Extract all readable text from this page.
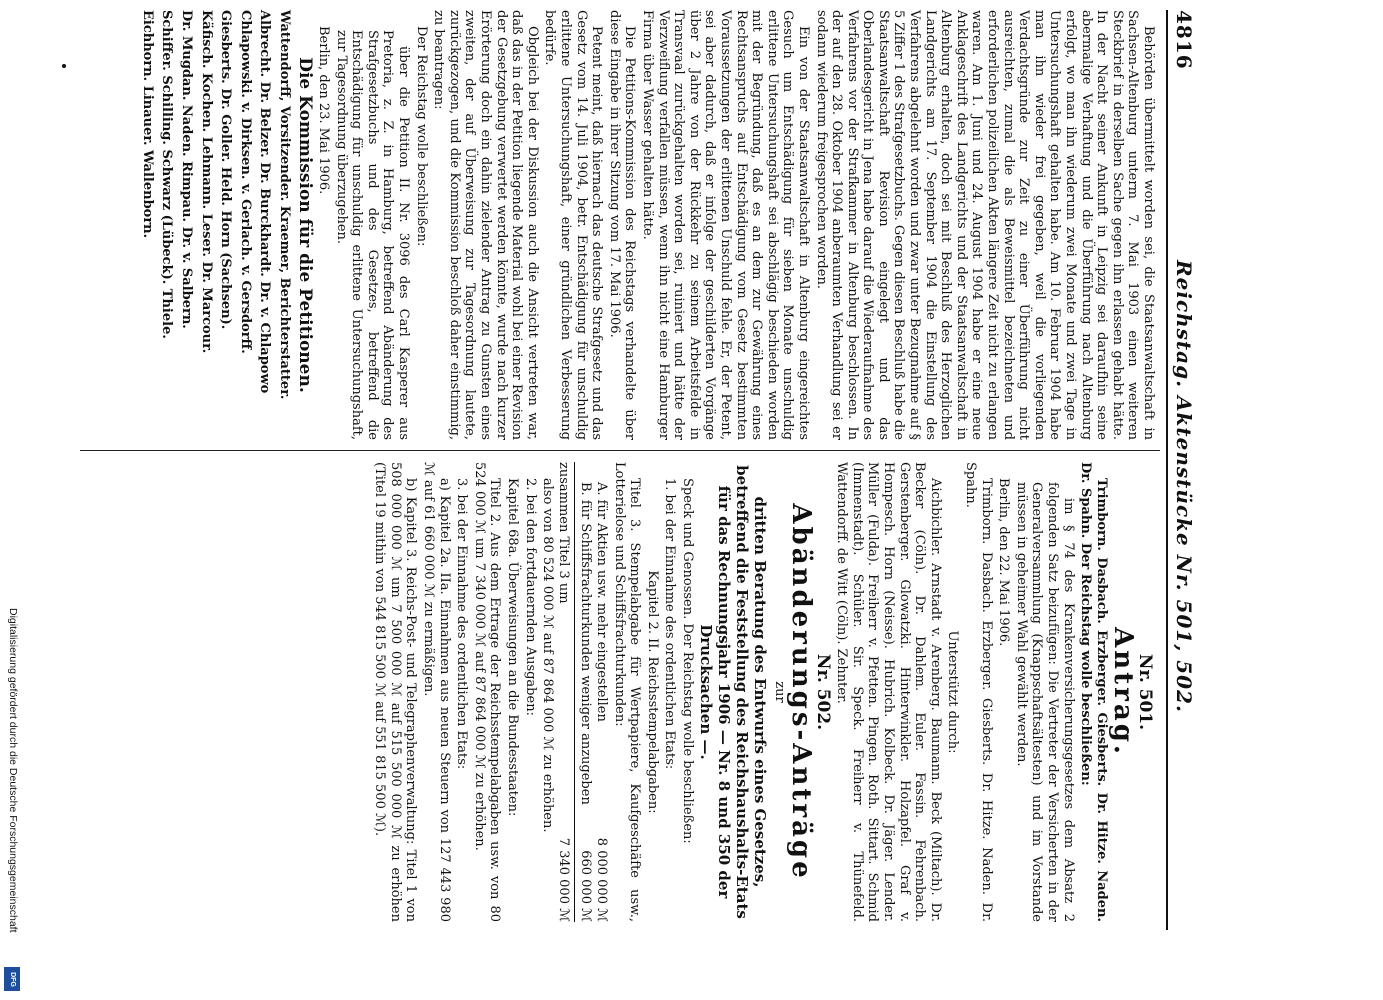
Digitalisierung gefördert durch die Deutsche Forschungsgemeinschaft
DFG
4816
Reichstag. Aktenstücke Nr. 501, 502.

Behörden übermittelt worden sei, die Staatsanwaltschaft in Sachsen-Altenburg unterm 7. Mai 1903 einen weiteren Steckbrief in derselben Sache gegen ihn erlassen gehabt hätte. In der Nacht seiner Ankunft in Leipzig sei daraufhin seine abermalige Verhaftung und die Überführung nach Altenburg erfolgt, wo man ihn wiederum zwei Monate und zwei Tage in Untersuchungshaft gehalten habe. Am 10. Februar 1904 habe man ihn wieder frei gegeben, weil die vorliegenden Verdachtsgründe zur Zeit zu einer Überführung nicht ausreichten, zumal die als Beweismittel bezeichneten und erforderlichen polizeilichen Akten längere Zeit nicht zu erlangen waren. Am 1. Juni und 24. August 1904 habe er eine neue Anklageschrift des Landgerichts und der Staatsanwaltschaft in Altenburg erhalten, doch sei mit Beschluß des Herzoglichen Landgerichts am 17. September 1904 die Einstellung des Verfahrens abgelehnt worden und zwar unter Bezugnahme auf § 5 Ziffer 1 des Strafgesetzbuchs. Gegen diesen Beschluß habe die Staatsanwaltschaft Revision eingelegt und das Oberlandesgericht in Jena habe darauf die Wiederaufnahme des Verfahrens vor der Strafkammer in Altenburg beschlossen. In der auf den 28. Oktober 1904 anberaumten Verhandlung sei er sodann wiederum freigesprochen worden.

Ein von der Staatsanwaltschaft in Altenburg eingereichtes Gesuch um Entschädigung für sieben Monate unschuldig erlittene Untersuchungshaft sei abschlägig beschieden worden mit der Begründung, daß es an dem zur Gewährung eines Rechtsanspruchs auf Entschädigung vom Gesetz bestimmten Voraussetzungen der erlittenen Unschuld fehle. Er, der Petent, sei aber dadurch, daß er infolge der geschilderten Vorgänge über 2 Jahre von der Rückkehr zu seinem Arbeitsfelde in Transvaal zurückgehalten worden sei, ruiniert und hätte der Verzweiflung verfallen müssen, wenn ihn nicht eine Hamburger Firma über Wasser gehalten hätte.

Die Petitions-Kommission des Reichstags verhandelte über diese Eingabe in ihrer Sitzung vom 17. Mai 1906.

Petent meint, daß hiernach das deutsche Strafgesetz und das Gesetz vom 14. Juli 1904, betr. Entschädigung für unschuldig erlittene Untersuchungshaft, einer gründlichen Verbesserung bedürfe.

Obgleich bei der Diskussion auch die Ansicht vertreten war, daß das in der Petition liegende Material wohl bei einer Revision der Gesetzgebung verwertet werden könnte, wurde nach kurzer Erörterung doch ein dahin zielender Antrag zu Gunsten eines zweiten, der auf Überweisung zur Tagesordnung lautete, zurückgezogen, und die Kommission beschloß daher einstimmig, zu beantragen:

Der Reichstag wolle beschließen:

über die Petition II. Nr. 3096 des Carl Kasperer aus Pretoria, z. Z. in Hamburg, betreffend Abänderung des Strafgesetzbuchs und des Gesetzes, betreffend die Entschädigung für unschuldig erlittene Untersuchungshaft, zur Tagesordnung überzugehen.

Berlin, den 23. Mai 1906.

Die Kommission für die Petitionen.

Wattendorff, Vorsitzender. Kraemer, Berichterstatter.
Albrecht. Dr. Belzer. Dr. Burckhardt. Dr. v. Chlapowo
Chlapowski. v. Dirksen. v. Gerlach. v. Gersdorff.
Giesberts. Dr. Goller. Held. Horn (Sachsen).
Käfisch. Kochen. Lehmann. Leser. Dr. Marcour.
Dr. Mugdan. Naden. Rimpau. Dr. v. Salbern.
Schiffer. Schilling. Schwarz (Lübeck). Thiele.
Eichhorn. Linauer. Wallenborn.
Nr. 501.
Antrag.

Trimborn. Dasbach. Erzberger. Giesberts. Dr. Hitze. Naden. Dr. Spahn. Der Reichstag wolle beschließen:

im § 74 des Krankenversicherungsgesetzes dem Absatz 2 folgenden Satz beizufügen: Die Vertreter der Versicherten in der Generalversammlung (Knappschaftsältesten) und im Vorstande müssen in geheimer Wahl gewählt werden.

Berlin, den 22. Mai 1906.

Trimborn. Dasbach. Erzberger. Giesberts. Dr. Hitze. Naden. Dr. Spahn.

Unterstützt durch:

Aichbichler. Arnstadt v. Arenberg. Baumann. Beck (Miltach). Dr. Becker (Cöln). Dr. Dahlem. Euler. Fassin. Fehrenbach. Gerstenberger. Glowatzki. Hinterwinkler. Holzapfel. Graf v. Hompesch. Horn (Neisse). Hubrich. Kolbeck. Dr. Jäger. Lender. Müller (Fulda). Freiherr v. Pfetten. Pingen. Roth. Sittart. Schmid (Immenstadt). Schüler. Sir. Speck. Freiherr v. Thünefeld. Wattendorff. de Witt (Cöln). Zehnter.

Nr. 502.
Abänderungs-Anträge

zur

dritten Beratung des Entwurfs eines Gesetzes, betreffend die Feststellung des Reichshaushalts-Etats für das Rechnungsjahr 1906 — Nr. 8 und 350 der Drucksachen —.

Speck und Genossen. Der Reichstag wolle beschließen:

1. bei der Einnahme des ordentlichen Etats:

Kapitel 2. II. Reichsstempelabgaben:

Titel 3. Stempelabgabe für Wertpapiere, Kaufgeschäfte usw., Lotterielose und Schiffsfrachturkunden:

A. für Aktien usw. mehr eingestellen
8 000 000 ℳ
B. für Schiffsfrachturkunden weniger anzugeben
660 000 ℳ
zusammen Titel 3 um
7 340 000 ℳ

also von 80 524 000 ℳ auf 87 864 000 ℳ zu erhöhen.

2. bei den fortdauernden Ausgaben:

Kapitel 68a. Überweisungen an die Bundesstaaten:

Titel 2. Aus dem Ertrage der Reichsstempelabgaben usw. von 80 524 000 ℳ um 7 340 000 ℳ auf 87 864 000 ℳ zu erhöhen.

3. bei der Einnahme des ordentlichen Etats:

a) Kapitel 2a. IIa. Einnahmen aus neuen Steuern von 127 443 980 ℳ auf 61 660 000 ℳ zu ermäßigen.

b) Kapitel 3. Reichs-Post- und Telegraphenverwaltung: Titel 1 von 508 000 000 ℳ um 7 500 000 ℳ auf 515 500 000 ℳ zu erhöhen (Titel 19 mithin von 544 815 500 ℳ auf 551 815 500 ℳ).
